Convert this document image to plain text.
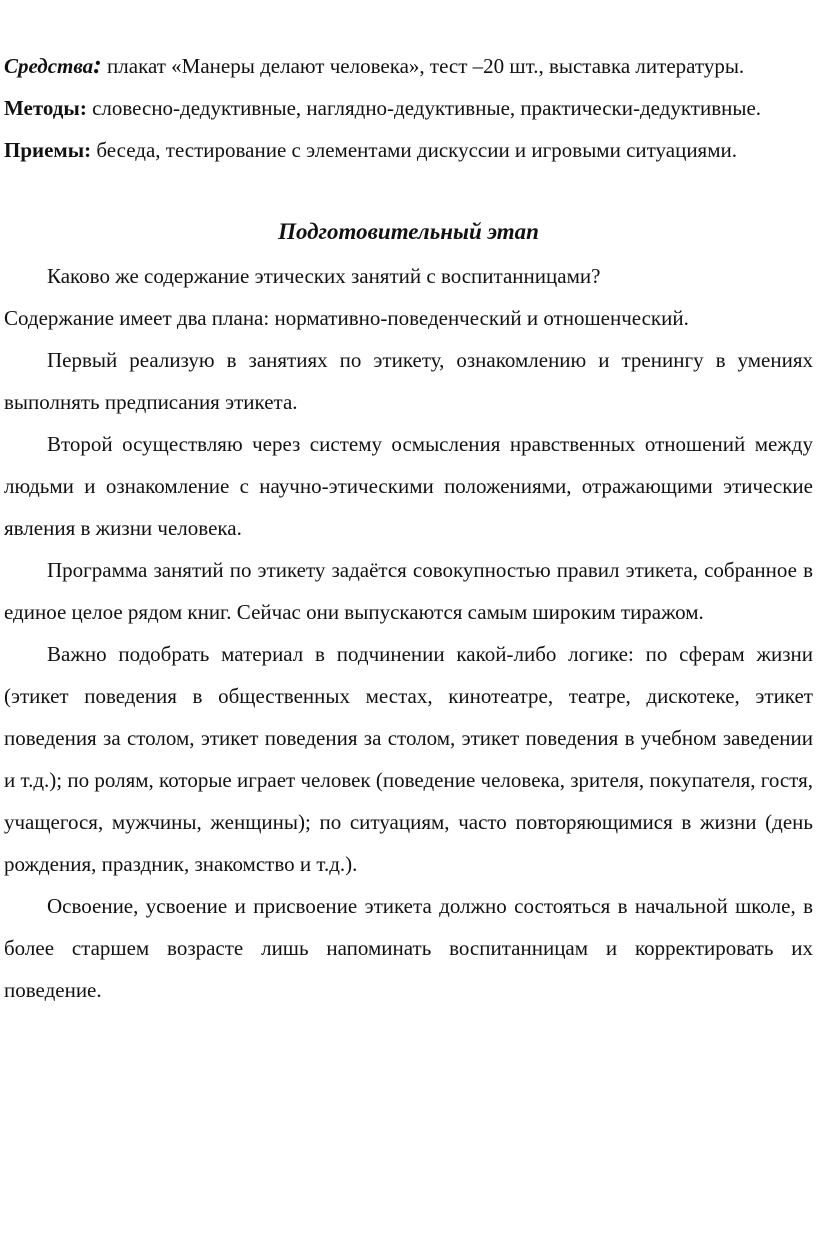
Средства: плакат «Манеры делают человека», тест –20 шт., выставка литературы.

Методы: словесно-дедуктивные, наглядно-дедуктивные, практически-дедуктивные.

Приемы: беседа, тестирование с элементами дискуссии и игровыми ситуациями.

Подготовительный этап

Каково же содержание этических занятий с воспитанницами?

Содержание имеет два плана: нормативно-поведенческий и отношенческий.

Первый реализую в занятиях по этикету, ознакомлению и тренингу в умениях выполнять предписания этикета.

Второй осуществляю через систему осмысления нравственных отношений между людьми и ознакомление с научно-этическими положениями, отражающими этические явления в жизни человека.

Программа занятий по этикету задаётся совокупностью правил этикета, собранное в единое целое рядом книг. Сейчас они выпускаются самым широким тиражом.

Важно подобрать материал в подчинении какой-либо логике: по сферам жизни (этикет поведения в общественных местах, кинотеатре, театре, дискотеке, этикет поведения за столом, этикет поведения за столом, этикет поведения в учебном заведении и т.д.); по ролям, которые играет человек (поведение человека, зрителя, покупателя, гостя, учащегося, мужчины, женщины); по ситуациям, часто повторяющимися в жизни (день рождения, праздник, знакомство и т.д.).

Освоение, усвоение и присвоение этикета должно состояться в начальной школе, в более старшем возрасте лишь напоминать воспитанницам и корректировать их поведение.
